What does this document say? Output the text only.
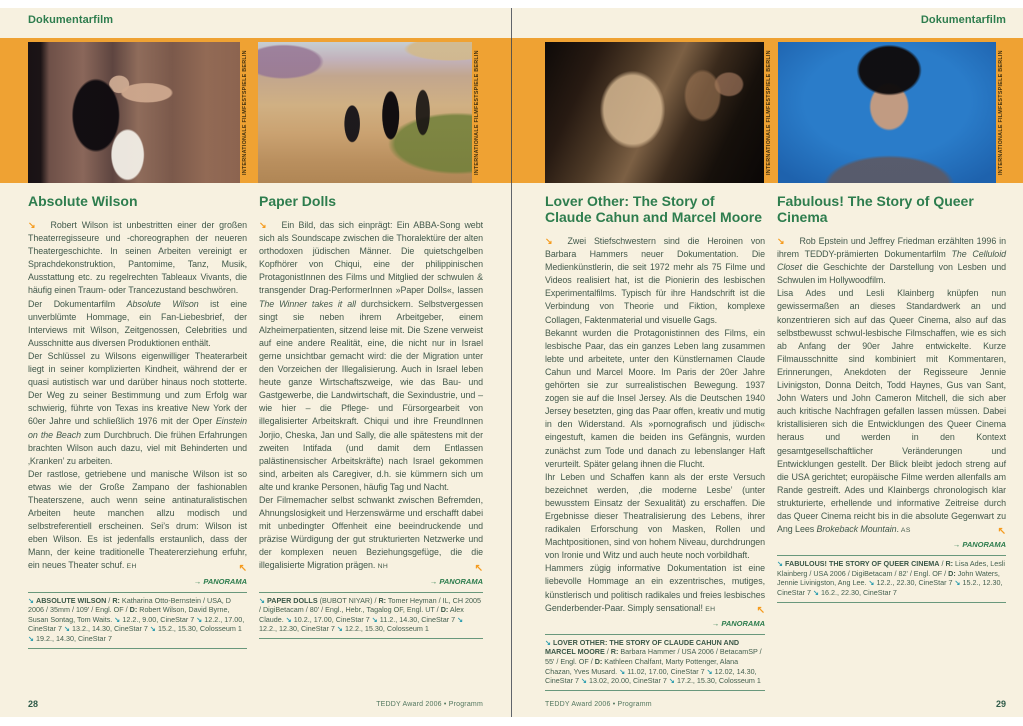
Dokumentarfilm	Dokumentarfilm
INTERNATIONALE FILMFESTSPIELE BERLIN	INTERNATIONALE FILMFESTSPIELE BERLIN	INTERNATIONALE FILMFESTSPIELE BERLIN	INTERNATIONALE FILMFESTSPIELE BERLIN
Absolute Wilson

↘ Robert Wilson ist unbestritten einer der großen Theaterregisseure und -choreographen der neueren Theatergeschichte. In seinen Arbeiten vereinigt er Sprachdekonstruktion, Pantomime, Tanz, Musik, Ausstattung etc. zu regelrechten Tableaux Vivants, die häufig einen Traum- oder Trancezustand beschwören.

Der Dokumentarfilm Absolute Wilson ist eine unverblümte Hommage, ein Fan-Liebesbrief, der Interviews mit Wilson, Zeitgenossen, Celebrities und Ausschnitte aus diversen Produktionen enthält.

Der Schlüssel zu Wilsons eigenwilliger Theaterarbeit liegt in seiner komplizierten Kindheit, während der er quasi autistisch war und darüber hinaus noch stotterte. Der Weg zu seiner Bestimmung und zum Erfolg war schwierig, führte von Texas ins kreative New York der 60er Jahre und schließlich 1976 mit der Oper Einstein on the Beach zum Durchbruch. Die frühen Erfahrungen brachten Wilson auch dazu, viel mit Behinderten und ‚Kranken’ zu arbeiten.

Der rastlose, getriebene und manische Wilson ist so etwas wie der Große Zampano der fashionablen Theaterszene, auch wenn seine antinaturalistischen Arbeiten heute manchen allzu modisch und selbstreferentiell erscheinen. Sei’s drum: Wilson ist eben Wilson. Es ist jedenfalls erstaunlich, dass der Mann, der keine traditionelle Theatererziehung erfuhr, ein neues Theater schuf. EH	↖

→ PANORAMA
↘ ABSOLUTE WILSON / R: Katharina Otto-Bernstein / USA, D 2006 / 35mm / 109' / Engl. OF / D: Robert Wilson, David Byrne, Susan Sontag, Tom Waits. ↘ 12.2., 9.00, CineStar 7 ↘ 12.2., 17.00, CineStar 7 ↘ 13.2., 14.30, CineStar 7 ↘ 15.2., 15.30, Colosseum 1 ↘ 19.2., 14.30, CineStar 7
Paper Dolls

↘ Ein Bild, das sich einprägt: Ein ABBA-Song webt sich als Soundscape zwischen die Thoralektüre der alten orthodoxen jüdischen Männer. Die quietschgelben Kopfhörer von Chiqui, eine der philippinischen ProtagonistInnen des Films und Mitglied der schwulen & transgender Drag-PerformerInnen »Paper Dolls«, lassen The Winner takes it all durchsickern. Selbstvergessen singt sie neben ihrem Arbeitgeber, einem Alzheimerpatienten, sitzend leise mit. Die Szene verweist auf eine andere Realität, eine, die nicht nur in Israel gerne unsichtbar gemacht wird: die der Migration unter den Vorzeichen der Illegalisierung. Auch in Israel leben heute ganze Wirtschaftszweige, wie das Bau- und Gastgewerbe, die Landwirtschaft, die Sexindustrie, und – wie hier – die Pflege- und Fürsorgearbeit von illegalisierter Arbeitskraft. Chiqui und ihre FreundInnen Jorjio, Cheska, Jan und Sally, die alle spätestens mit der zweiten Intifada (und damit dem Entlassen palästinensischer Arbeitskräfte) nach Israel gekommen sind, arbeiten als Caregiver, d.h. sie kümmern sich um alte und kranke Personen, häufig Tag und Nacht.

Der Filmemacher selbst schwankt zwischen Befremden, Ahnungslosigkeit und Herzenswärme und erschafft dabei mit unbedingter Offenheit eine beeindruckende und präzise Würdigung der gut strukturierten Netzwerke und der komplexen neuen Beziehungsgefüge, die die illegalisierte Migration prägen. NH	↖

→ PANORAMA
↘ PAPER DOLLS (BUBOT NIYAR) / R: Tomer Heyman / IL, CH 2005 / DigiBetacam / 80' / Engl., Hebr., Tagalog OF, Engl. UT / D: Alex Claude. ↘ 10.2., 17.00, CineStar 7 ↘ 11.2., 14.30, CineStar 7 ↘ 12.2., 12.30, CineStar 7 ↘ 12.2., 15.30, Colosseum 1
Lover Other: The Story of
Claude Cahun and Marcel Moore

↘ Zwei Stiefschwestern sind die Heroinen von Barbara Hammers neuer Dokumentation. Die Medienkünstlerin, die seit 1972 mehr als 75 Filme und Videos realisiert hat, ist die Pionierin des lesbischen Experimentalfilms. Typisch für ihre Handschrift ist die Verbindung von Theorie und Fiktion, komplexe Collagen, Faktenmaterial und visuelle Gags.

Bekannt wurden die Protagonistinnen des Films, ein lesbische Paar, das ein ganzes Leben lang zusammen lebte und arbeitete, unter den Künstlernamen Claude Cahun und Marcel Moore. Im Paris der 20er Jahre gehörten sie zur surrealistischen Bewegung. 1937 zogen sie auf die Insel Jersey. Als die Deutschen 1940 Jersey besetzten, ging das Paar offen, kreativ und mutig in den Widerstand. Als »pornografisch und jüdisch« eingestuft, kamen die beiden ins Gefängnis, wurden zunächst zum Tode und danach zu lebenslanger Haft verurteilt. Später gelang ihnen die Flucht.

Ihr Leben und Schaffen kann als der erste Versuch bezeichnet werden, ‚die moderne Lesbe’ (unter bewusstem Einsatz der Sexualität) zu erschaffen. Die Ergebnisse dieser Theatralisierung des Lebens, ihrer radikalen Erforschung von Masken, Rollen und Machtpositionen, sind von hohem Niveau, durchdrungen von Ironie und Witz und auch heute noch vorbildhaft.

Hammers zügig informative Dokumentation ist eine liebevolle Hommage an ein exzentrisches, mutiges, künstlerisch und politisch radikales und freies lesbisches Genderbender-Paar. Simply sensational! EH	↖

→ PANORAMA
↘ LOVER OTHER: THE STORY OF CLAUDE CAHUN AND MARCEL MOORE / R: Barbara Hammer / USA 2006 / BetacamSP / 55' / Engl. OF / D: Kathleen Chalfant, Marty Pottenger, Alana Chazan, Yves Musard. ↘ 11.02, 17.00, CineStar 7 ↘ 12.02, 14.30, CineStar 7 ↘ 13.02, 20.00, CineStar 7 ↘ 17.2., 15.30, Colosseum 1
Fabulous! The Story of Queer Cinema

↘ Rob Epstein und Jeffrey Friedman erzählten 1996 in ihrem TEDDY-prämierten Dokumentarfilm The Celluloid Closet die Geschichte der Darstellung von Lesben und Schwulen im Hollywoodfilm.

Lisa Ades und Lesli Klainberg knüpfen nun gewissermaßen an dieses Standardwerk an und konzentrieren sich auf das Queer Cinema, also auf das selbstbewusst schwul-lesbische Filmschaffen, wie es sich ab Anfang der 90er Jahre entwickelte. Kurze Filmausschnitte sind kombiniert mit Kommentaren, Erinnerungen, Anekdoten der Regisseure Jennie Livinigston, Donna Deitch, Todd Haynes, Gus van Sant, John Waters und John Cameron Mitchell, die sich aber auch kritische Nachfragen gefallen lassen müssen. Dabei kristallisieren sich die Entwicklungen des Queer Cinema heraus und werden in den Kontext gesamtgesellschaftlicher Veränderungen und Entwicklungen gestellt. Der Blick bleibt jedoch streng auf die USA gerichtet; europäische Filme werden allenfalls am Rande gestreift. Ades und Klainbergs chronologisch klar strukturierte, erhellende und informative Zeitreise durch das Queer Cinema reicht bis in die absolute Gegenwart zu Ang Lees Brokeback Mountain. AS	↖

→ PANORAMA
↘ FABULOUS! THE STORY OF QUEER CINEMA / R: Lisa Ades, Lesli Klainberg / USA 2006 / DigiBetacam / 82' / Engl. OF / D: John Waters, Jennie Livinigston, Ang Lee. ↘ 12.2., 22.30, CineStar 7 ↘ 15.2., 12.30, CineStar 7 ↘ 16.2., 22.30, CineStar 7
28	TEDDY Award 2006 • Programm	TEDDY Award 2006 • Programm	29
